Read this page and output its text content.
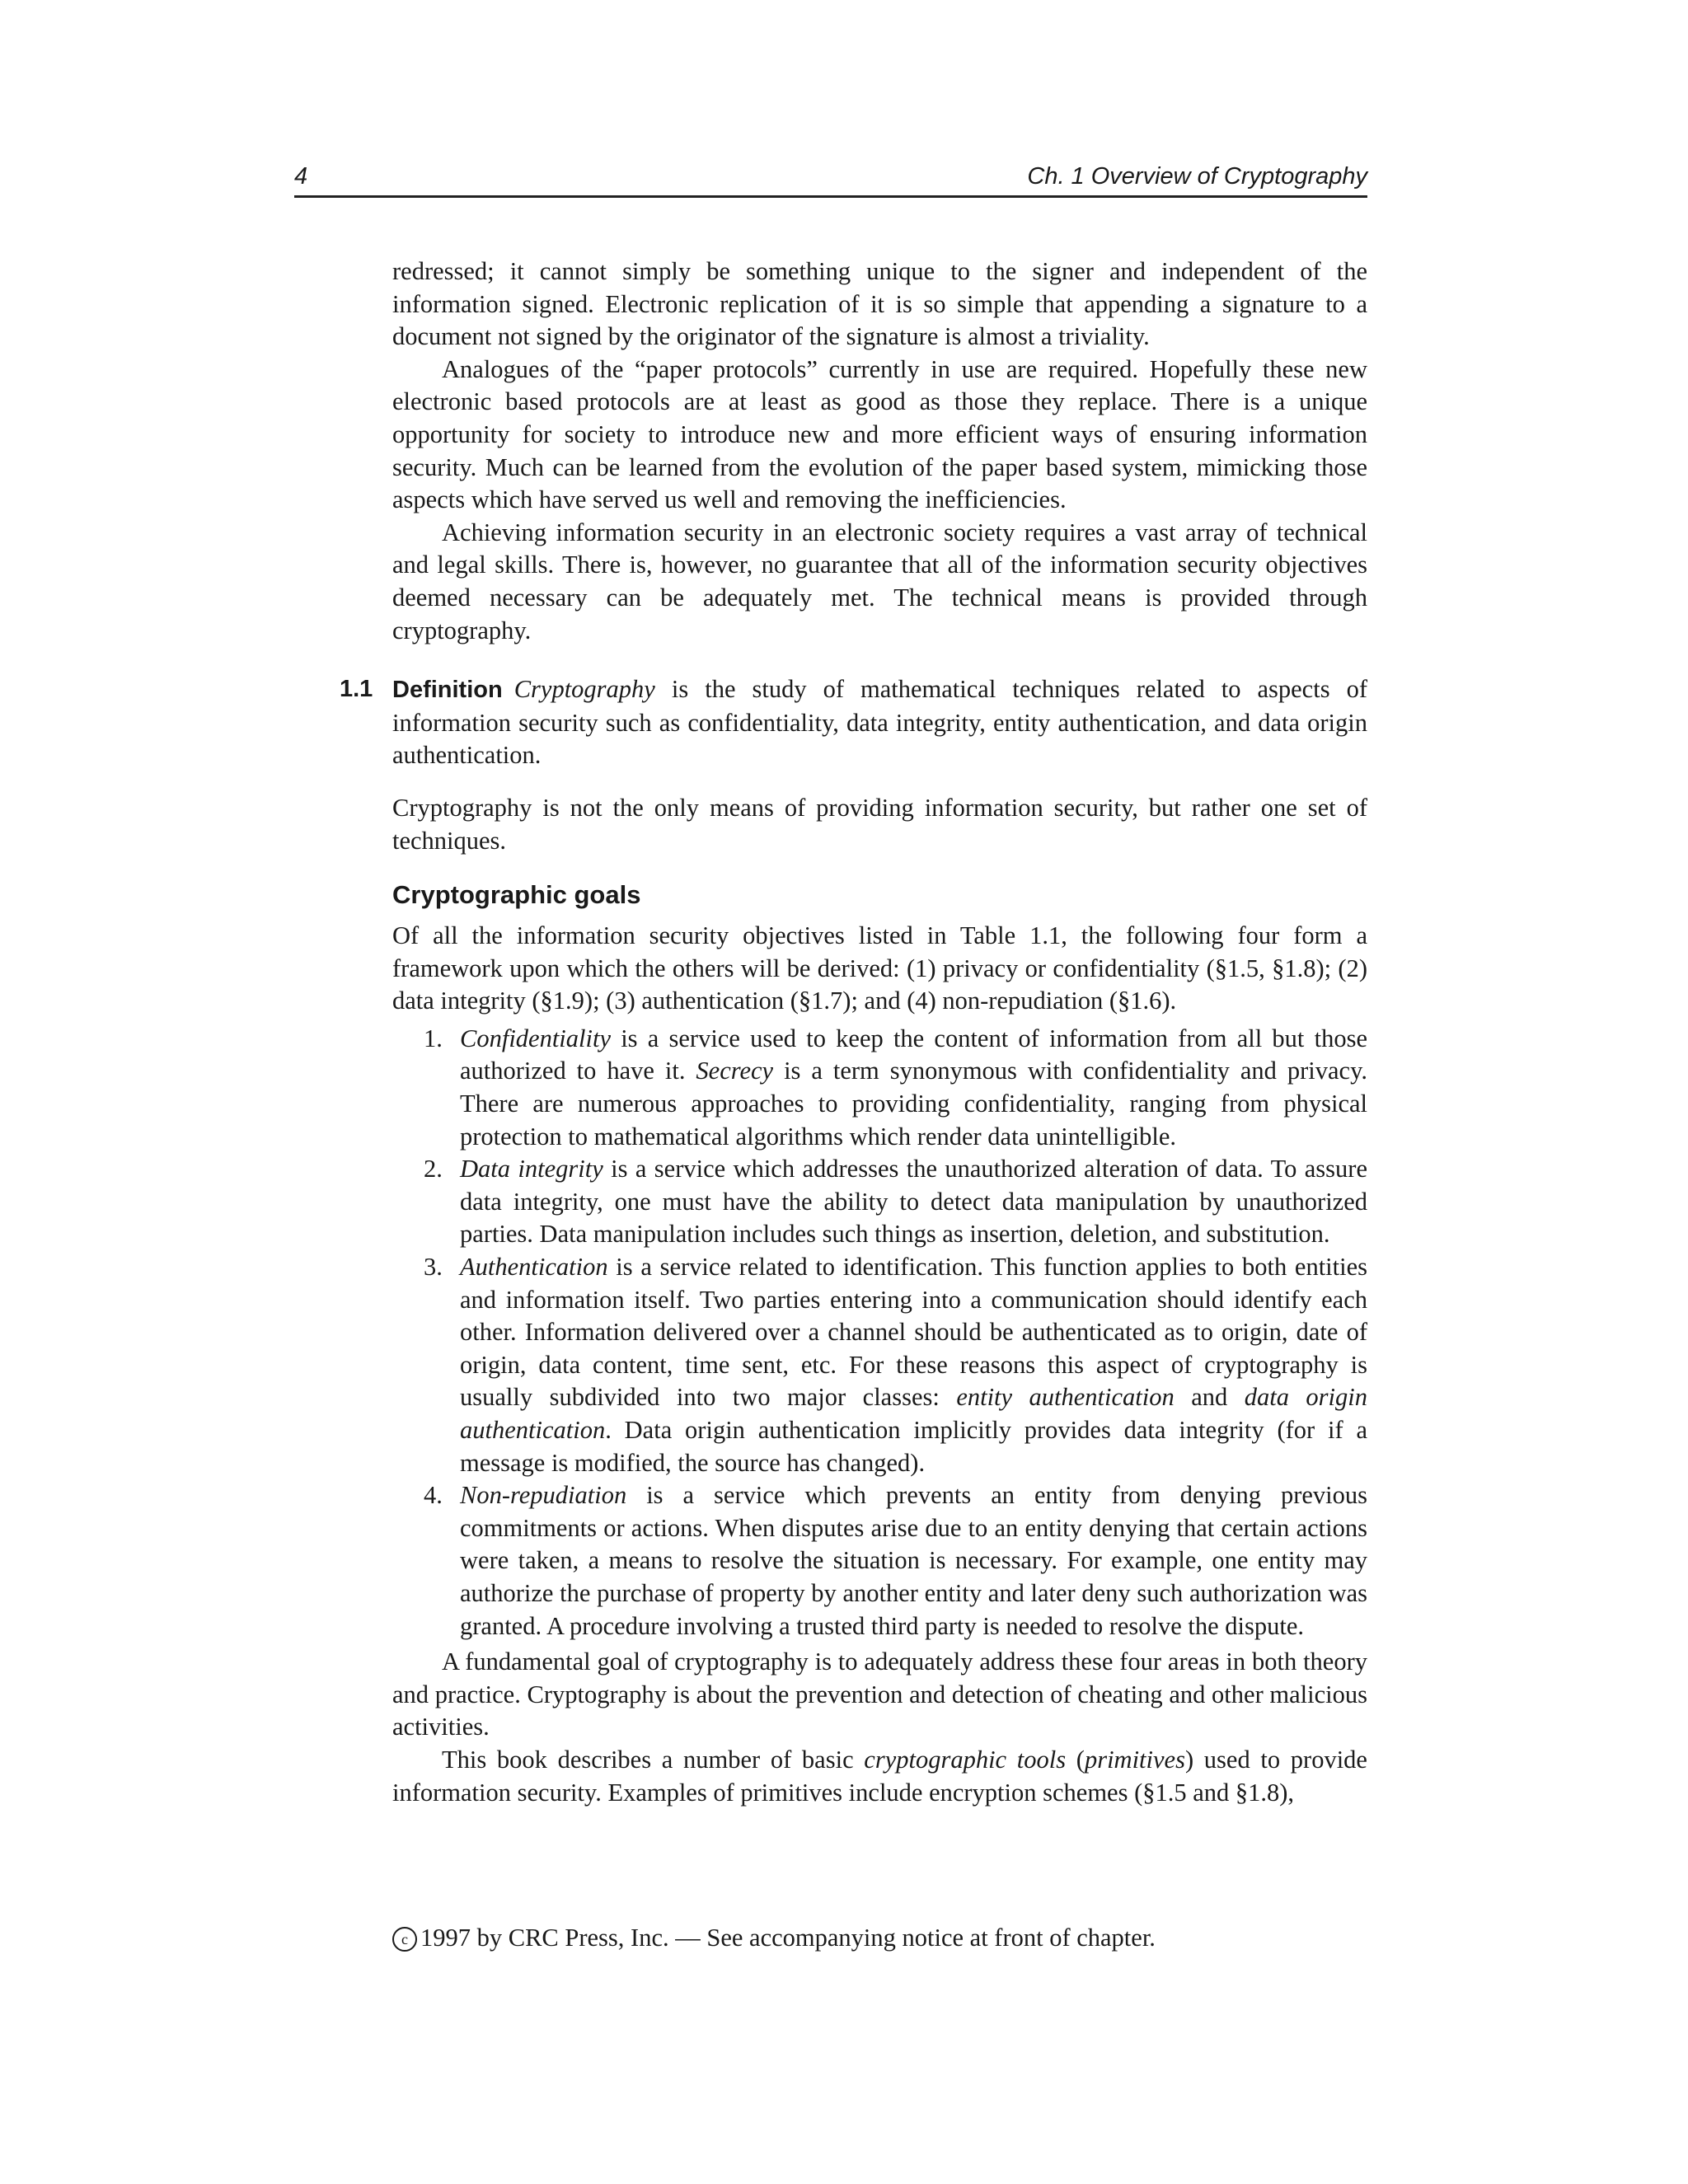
4	Ch. 1 Overview of Cryptography

redressed; it cannot simply be something unique to the signer and independent of the information signed. Electronic replication of it is so simple that appending a signature to a document not signed by the originator of the signature is almost a triviality.

Analogues of the “paper protocols” currently in use are required. Hopefully these new electronic based protocols are at least as good as those they replace. There is a unique opportunity for society to introduce new and more efficient ways of ensuring information security. Much can be learned from the evolution of the paper based system, mimicking those aspects which have served us well and removing the inefficiencies.

Achieving information security in an electronic society requires a vast array of technical and legal skills. There is, however, no guarantee that all of the information security objectives deemed necessary can be adequately met. The technical means is provided through cryptography.

1.1 Definition Cryptography is the study of mathematical techniques related to aspects of information security such as confidentiality, data integrity, entity authentication, and data origin authentication.

Cryptography is not the only means of providing information security, but rather one set of techniques.

Cryptographic goals

Of all the information security objectives listed in Table 1.1, the following four form a framework upon which the others will be derived: (1) privacy or confidentiality (§1.5, §1.8); (2) data integrity (§1.9); (3) authentication (§1.7); and (4) non-repudiation (§1.6).

1. Confidentiality is a service used to keep the content of information from all but those authorized to have it. Secrecy is a term synonymous with confidentiality and privacy. There are numerous approaches to providing confidentiality, ranging from physical protection to mathematical algorithms which render data unintelligible.
2. Data integrity is a service which addresses the unauthorized alteration of data. To assure data integrity, one must have the ability to detect data manipulation by unauthorized parties. Data manipulation includes such things as insertion, deletion, and substitution.
3. Authentication is a service related to identification. This function applies to both entities and information itself. Two parties entering into a communication should identify each other. Information delivered over a channel should be authenticated as to origin, date of origin, data content, time sent, etc. For these reasons this aspect of cryptography is usually subdivided into two major classes: entity authentication and data origin authentication. Data origin authentication implicitly provides data integrity (for if a message is modified, the source has changed).
4. Non-repudiation is a service which prevents an entity from denying previous commitments or actions. When disputes arise due to an entity denying that certain actions were taken, a means to resolve the situation is necessary. For example, one entity may authorize the purchase of property by another entity and later deny such authorization was granted. A procedure involving a trusted third party is needed to resolve the dispute.

A fundamental goal of cryptography is to adequately address these four areas in both theory and practice. Cryptography is about the prevention and detection of cheating and other malicious activities.

This book describes a number of basic cryptographic tools (primitives) used to provide information security. Examples of primitives include encryption schemes (§1.5 and §1.8),

c 1997 by CRC Press, Inc. — See accompanying notice at front of chapter.
